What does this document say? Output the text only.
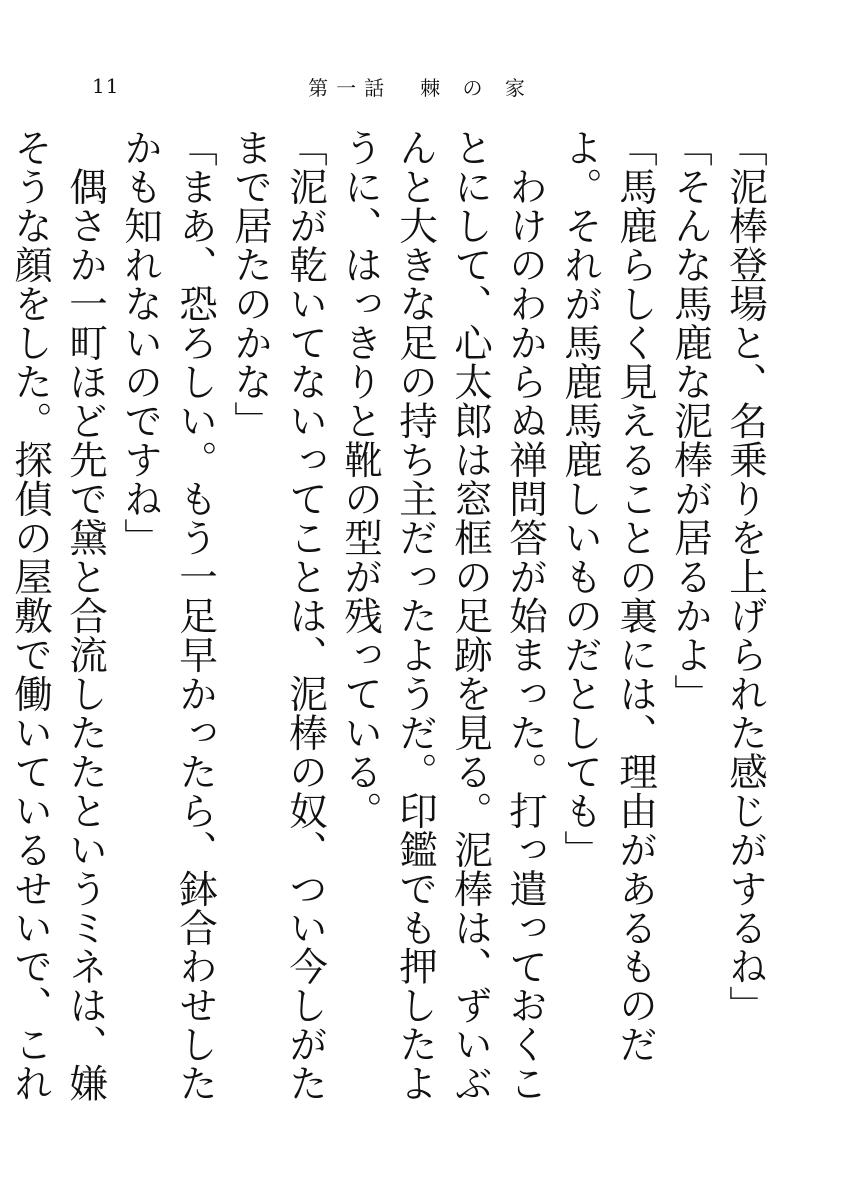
11	第一話　棘 の 家

「泥棒登場と、名乗りを上げられた感じがするね」

「そんな馬鹿な泥棒が居るかよ」

「馬鹿らしく見えることの裏には、理由があるものだよ。それが馬鹿馬鹿しいものだとしても」

わけのわからぬ禅問答が始まった。打っ遣っておくことにして、心太郎は窓框の足跡を見る。泥棒は、ずいぶんと大きな足の持ち主だったようだ。印鑑でも押したように、はっきりと靴の型が残っている。

「泥が乾いてないってことは、泥棒の奴、つい今しがたまで居たのかな」

「まあ、恐ろしい。もう一足早かったら、鉢合わせしたかも知れないのですね」

偶さか一町ほど先で黛と合流したたというミネは、嫌そうな顔をした。探偵の屋敷で働いているせいで、これ
